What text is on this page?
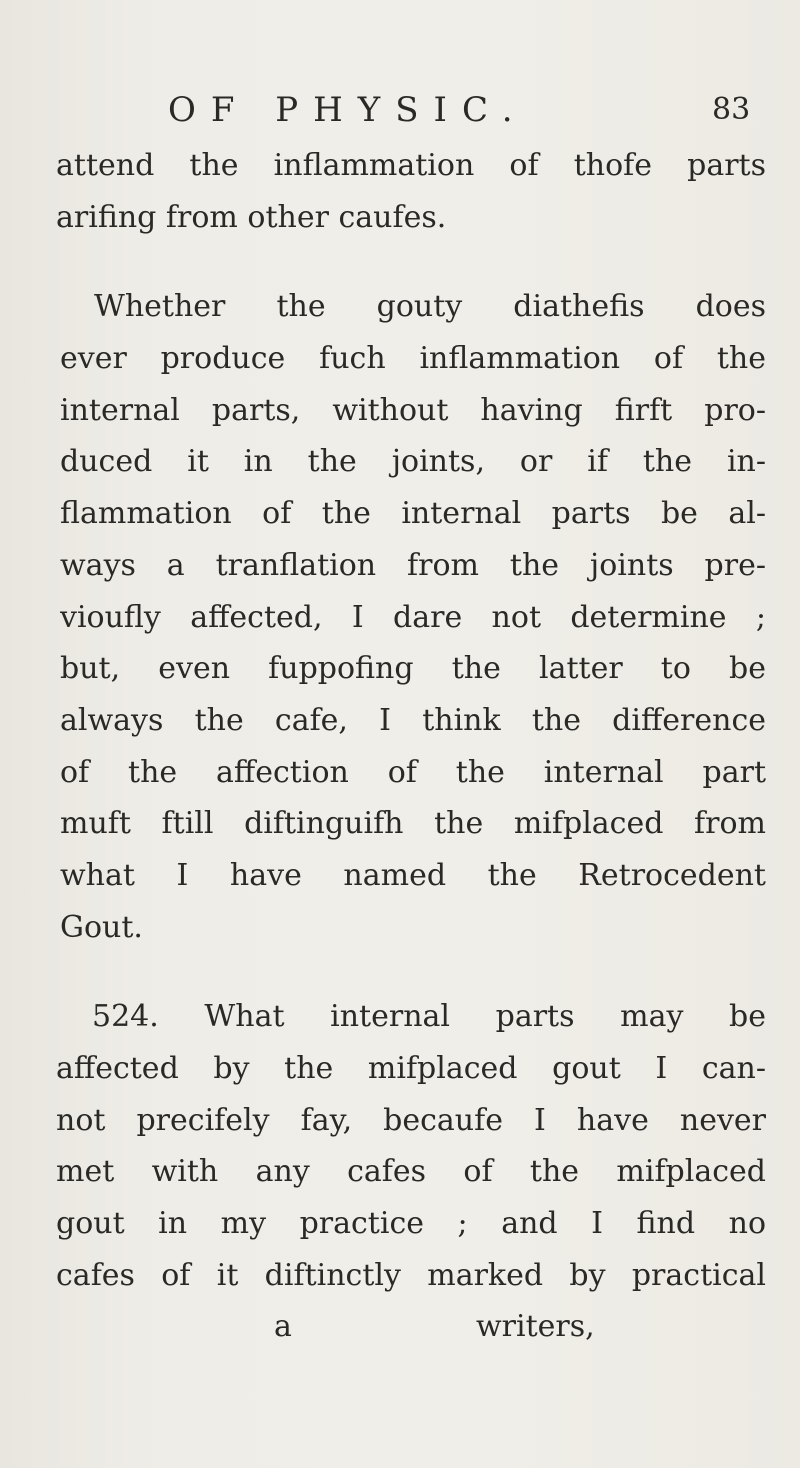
OF PHYSIC.	83
attend the inflammation of thofe parts
arifing from other caufes.
Whether the gouty diathefis does
ever produce fuch inflammation of the
internal parts, without having firft pro-
duced it in the joints, or if the in-
flammation of the internal parts be al-
ways a tranflation from the joints pre-
vioufly affected, I dare not determine ;
but, even fuppofing the latter to be
always the cafe, I think the difference
of the affection of the internal part
muft ftill diftinguifh the mifplaced from
what I have named the Retrocedent
Gout.
524. What internal parts may be
affected by the mifplaced gout I can-
not precifely fay, becaufe I have never
met with any cafes of the mifplaced
gout in my practice ; and I find no
cafes of it diftinctly marked by practical
a	writers,
